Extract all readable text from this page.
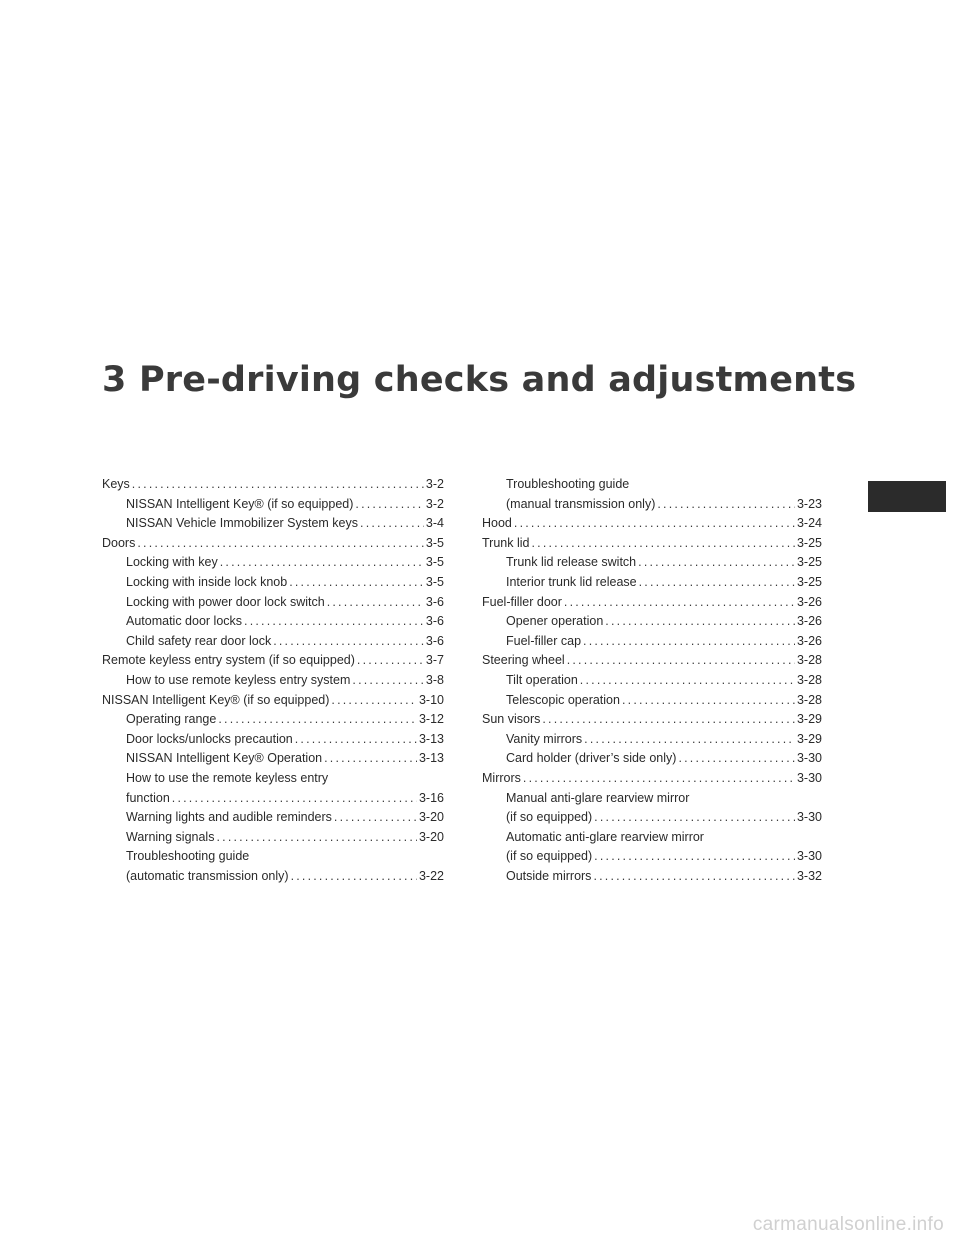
3 Pre-driving checks and adjustments
Keys .....	3-2
NISSAN Intelligent Key® (if so equipped) .....	3-2
NISSAN Vehicle Immobilizer System keys .....	3-4
Doors .....	3-5
Locking with key .....	3-5
Locking with inside lock knob .....	3-5
Locking with power door lock switch .....	3-6
Automatic door locks .....	3-6
Child safety rear door lock .....	3-6
Remote keyless entry system (if so equipped) .....	3-7
How to use remote keyless entry system .....	3-8
NISSAN Intelligent Key® (if so equipped) .....	3-10
Operating range .....	3-12
Door locks/unlocks precaution .....	3-13
NISSAN Intelligent Key® Operation .....	3-13
How to use the remote keyless entry
function .....	3-16
Warning lights and audible reminders .....	3-20
Warning signals .....	3-20
Troubleshooting guide
(automatic transmission only) .....	3-22
Troubleshooting guide
(manual transmission only) .....	3-23
Hood .....	3-24
Trunk lid .....	3-25
Trunk lid release switch .....	3-25
Interior trunk lid release .....	3-25
Fuel-filler door .....	3-26
Opener operation .....	3-26
Fuel-filler cap .....	3-26
Steering wheel .....	3-28
Tilt operation .....	3-28
Telescopic operation .....	3-28
Sun visors .....	3-29
Vanity mirrors .....	3-29
Card holder (driver’s side only) .....	3-30
Mirrors .....	3-30
Manual anti-glare rearview mirror
(if so equipped) .....	3-30
Automatic anti-glare rearview mirror
(if so equipped) .....	3-30
Outside mirrors .....	3-32
carmanualsonline.info
